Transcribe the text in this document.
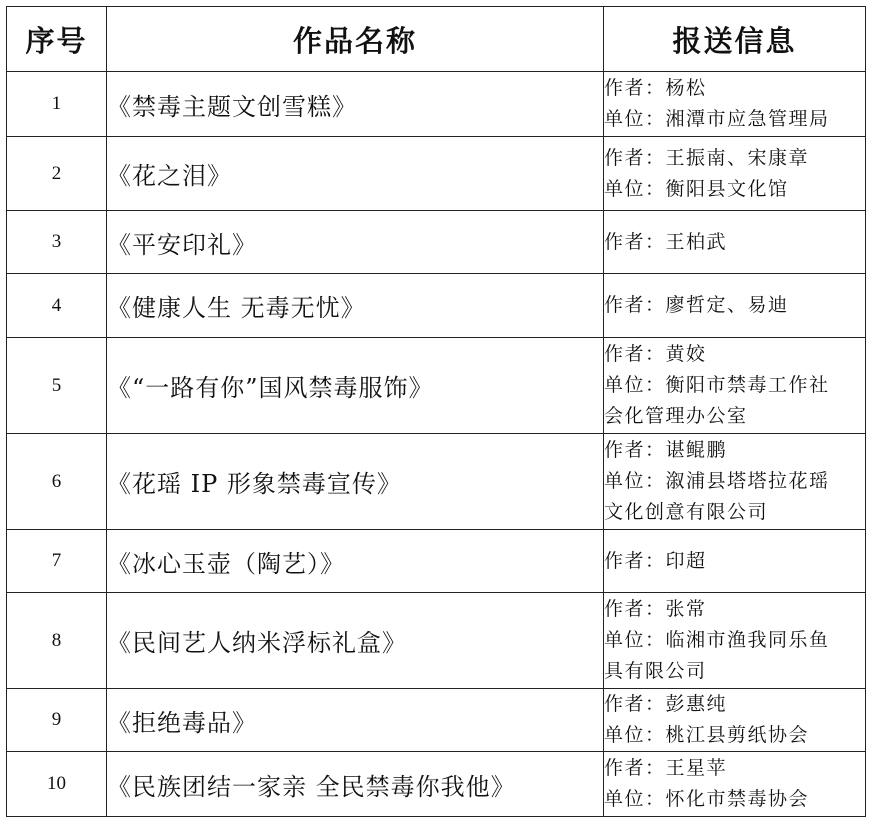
序号	作品名称	报送信息
1	《禁毒主题文创雪糕》	作者：杨松
单位：湘潭市应急管理局

2	《花之泪》	作者：王振南、宋康章
单位：衡阳县文化馆

3	《平安印礼》	作者：王柏武

4	《健康人生 无毒无忧》	作者：廖哲定、易迪

5	《“一路有你”国风禁毒服饰》	作者：黄姣
单位：衡阳市禁毒工作社
会化管理办公室

6	《花瑶 IP 形象禁毒宣传》	作者：谌鲲鹏
单位：溆浦县塔塔拉花瑶
文化创意有限公司

7	《冰心玉壶（陶艺）》	作者：印超

8	《民间艺人纳米浮标礼盒》	作者：张常
单位：临湘市渔我同乐鱼
具有限公司

9	《拒绝毒品》	作者：彭惠纯
单位：桃江县剪纸协会

10	《民族团结一家亲 全民禁毒你我他》	作者：王星苹
单位：怀化市禁毒协会
